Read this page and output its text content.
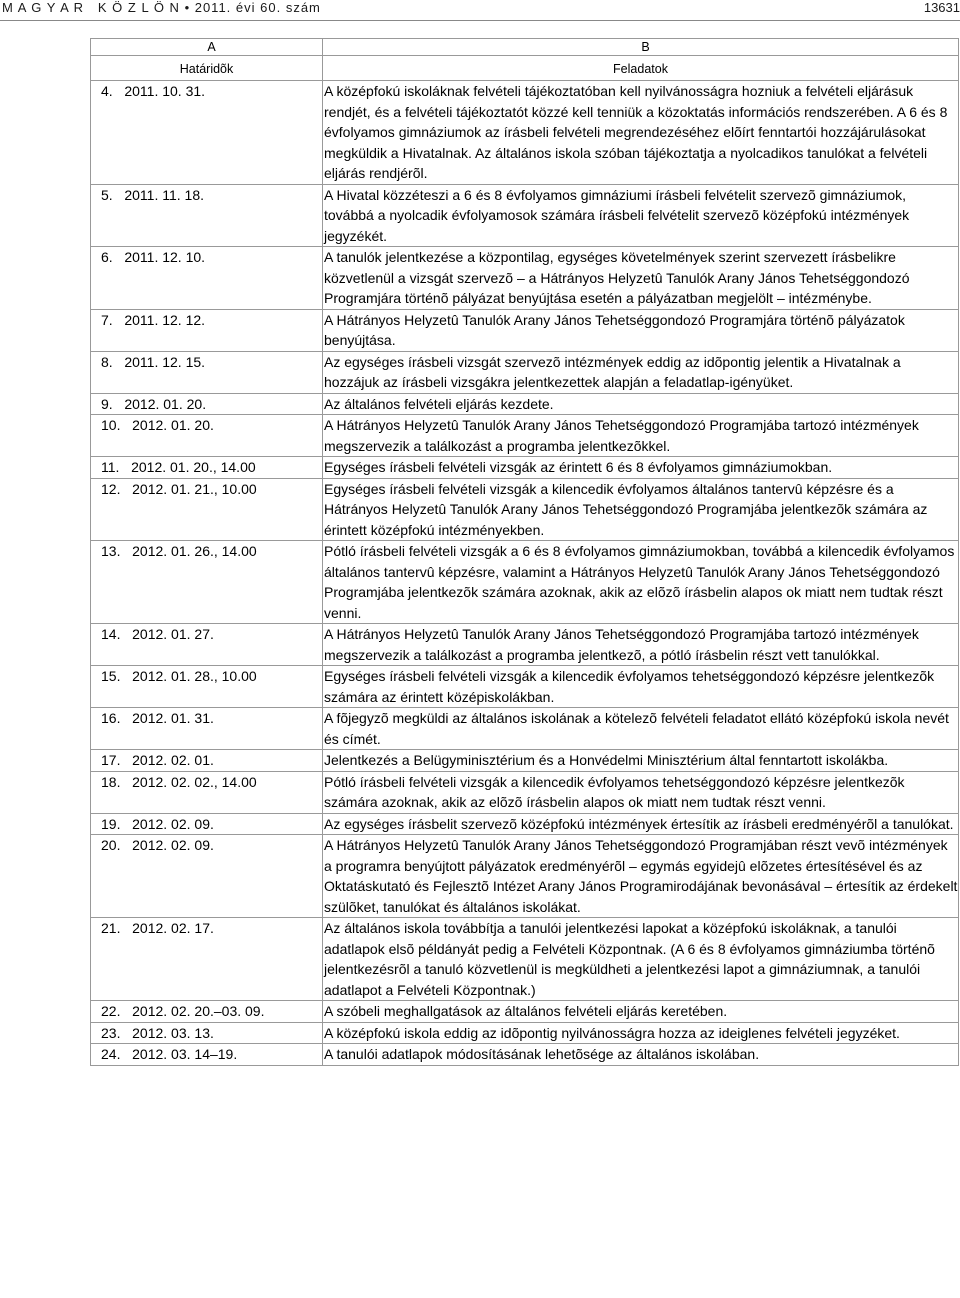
M A G Y A R   K Ö Z L Ö N • 2011. évi 60. szám	13631
A	B
Határidõk	Feladatok
4.   2011. 10. 31.	A középfokú iskoláknak felvételi tájékoztatóban kell nyilvánosságra hozniuk a felvételi eljárásuk rendjét, és a felvételi tájékoztatót közzé kell tenniük a közoktatás információs rendszerében. A 6 és 8 évfolyamos gimnáziumok az írásbeli felvételi megrendezéséhez elõírt fenntartói hozzájárulásokat megküldik a Hivatalnak. Az általános iskola szóban tájékoztatja a nyolcadikos tanulókat a felvételi eljárás rendjérõl.
5.   2011. 11. 18.	A Hivatal közzéteszi a 6 és 8 évfolyamos gimnáziumi írásbeli felvételit szervezõ gimnáziumok, továbbá a nyolcadik évfolyamosok számára írásbeli felvételit szervezõ középfokú intézmények jegyzékét.
6.   2011. 12. 10.	A tanulók jelentkezése a központilag, egységes követelmények szerint szervezett írásbelikre közvetlenül a vizsgát szervezõ – a Hátrányos Helyzetû Tanulók Arany János Tehetséggondozó Programjára történõ pályázat benyújtása esetén a pályázatban megjelölt – intézménybe.
7.   2011. 12. 12.	A Hátrányos Helyzetû Tanulók Arany János Tehetséggondozó Programjára történõ pályázatok benyújtása.
8.   2011. 12. 15.	Az egységes írásbeli vizsgát szervezõ intézmények eddig az idõpontig jelentik a Hivatalnak a hozzájuk az írásbeli vizsgákra jelentkezettek alapján a feladatlap-igényüket.
9.   2012. 01. 20.	Az általános felvételi eljárás kezdete.
10.   2012. 01. 20.	A Hátrányos Helyzetû Tanulók Arany János Tehetséggondozó Programjába tartozó intézmények megszervezik a találkozást a programba jelentkezõkkel.
11.   2012. 01. 20., 14.00	Egységes írásbeli felvételi vizsgák az érintett 6 és 8 évfolyamos gimnáziumokban.
12.   2012. 01. 21., 10.00	Egységes írásbeli felvételi vizsgák a kilencedik évfolyamos általános tantervû képzésre és a Hátrányos Helyzetû Tanulók Arany János Tehetséggondozó Programjába jelentkezõk számára az érintett középfokú intézményekben.
13.   2012. 01. 26., 14.00	Pótló írásbeli felvételi vizsgák a 6 és 8 évfolyamos gimnáziumokban, továbbá a kilencedik évfolyamos általános tantervû képzésre, valamint a Hátrányos Helyzetû Tanulók Arany János Tehetséggondozó Programjába jelentkezõk számára azoknak, akik az elõzõ írásbelin alapos ok miatt nem tudtak részt venni.
14.   2012. 01. 27.	A Hátrányos Helyzetû Tanulók Arany János Tehetséggondozó Programjába tartozó intézmények megszervezik a találkozást a programba jelentkezõ, a pótló írásbelin részt vett tanulókkal.
15.   2012. 01. 28., 10.00	Egységes írásbeli felvételi vizsgák a kilencedik évfolyamos tehetséggondozó képzésre jelentkezõk számára az érintett középiskolákban.
16.   2012. 01. 31.	A fõjegyzõ megküldi az általános iskolának a kötelezõ felvételi feladatot ellátó középfokú iskola nevét és címét.
17.   2012. 02. 01.	Jelentkezés a Belügyminisztérium és a Honvédelmi Minisztérium által fenntartott iskolákba.
18.   2012. 02. 02., 14.00	Pótló írásbeli felvételi vizsgák a kilencedik évfolyamos tehetséggondozó képzésre jelentkezõk számára azoknak, akik az elõzõ írásbelin alapos ok miatt nem tudtak részt venni.
19.   2012. 02. 09.	Az egységes írásbelit szervezõ középfokú intézmények értesítik az írásbeli eredményérõl a tanulókat.
20.   2012. 02. 09.	A Hátrányos Helyzetû Tanulók Arany János Tehetséggondozó Programjában részt vevõ intézmények a programra benyújtott pályázatok eredményérõl – egymás egyidejû elõzetes értesítésével és az Oktatáskutató és Fejlesztõ Intézet Arany János Programirodájának bevonásával – értesítik az érdekelt szülõket, tanulókat és általános iskolákat.
21.   2012. 02. 17.	Az általános iskola továbbítja a tanulói jelentkezési lapokat a középfokú iskoláknak, a tanulói adatlapok elsõ példányát pedig a Felvételi Központnak. (A 6 és 8 évfolyamos gimnáziumba történõ jelentkezésrõl a tanuló közvetlenül is megküldheti a jelentkezési lapot a gimnáziumnak, a tanulói adatlapot a Felvételi Központnak.)
22.   2012. 02. 20.–03. 09.	A szóbeli meghallgatások az általános felvételi eljárás keretében.
23.   2012. 03. 13.	A középfokú iskola eddig az idõpontig nyilvánosságra hozza az ideiglenes felvételi jegyzéket.
24.   2012. 03. 14–19.	A tanulói adatlapok módosításának lehetõsége az általános iskolában.
